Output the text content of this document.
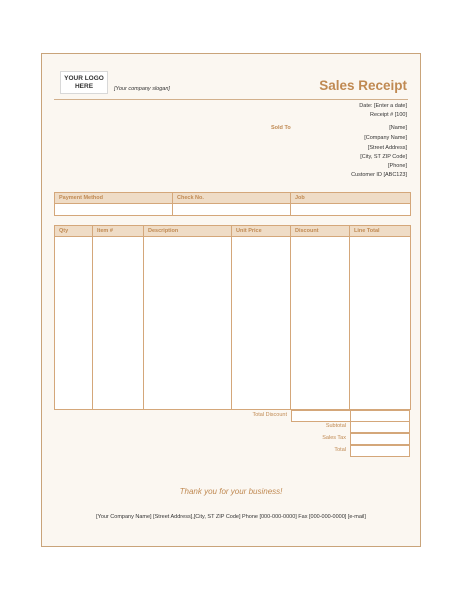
YOUR LOGO
HERE	[Your company slogan]	Sales Receipt
Date: [Enter a date]
Receipt # [100]
Sold To	[Name]
[Company Name]
[Street Address]
[City, ST ZIP Code]
[Phone]
Customer ID [ABC123]
Payment Method	Check No.	Job

Qty	Item #	Description	Unit Price	Discount	Line Total

Total Discount
Subtotal
Sales Tax
Total
Thank you for your business!
[Your Company Name] [Street Address],[City, ST ZIP Code] Phone [000-000-0000] Fax [000-000-0000] [e-mail]
